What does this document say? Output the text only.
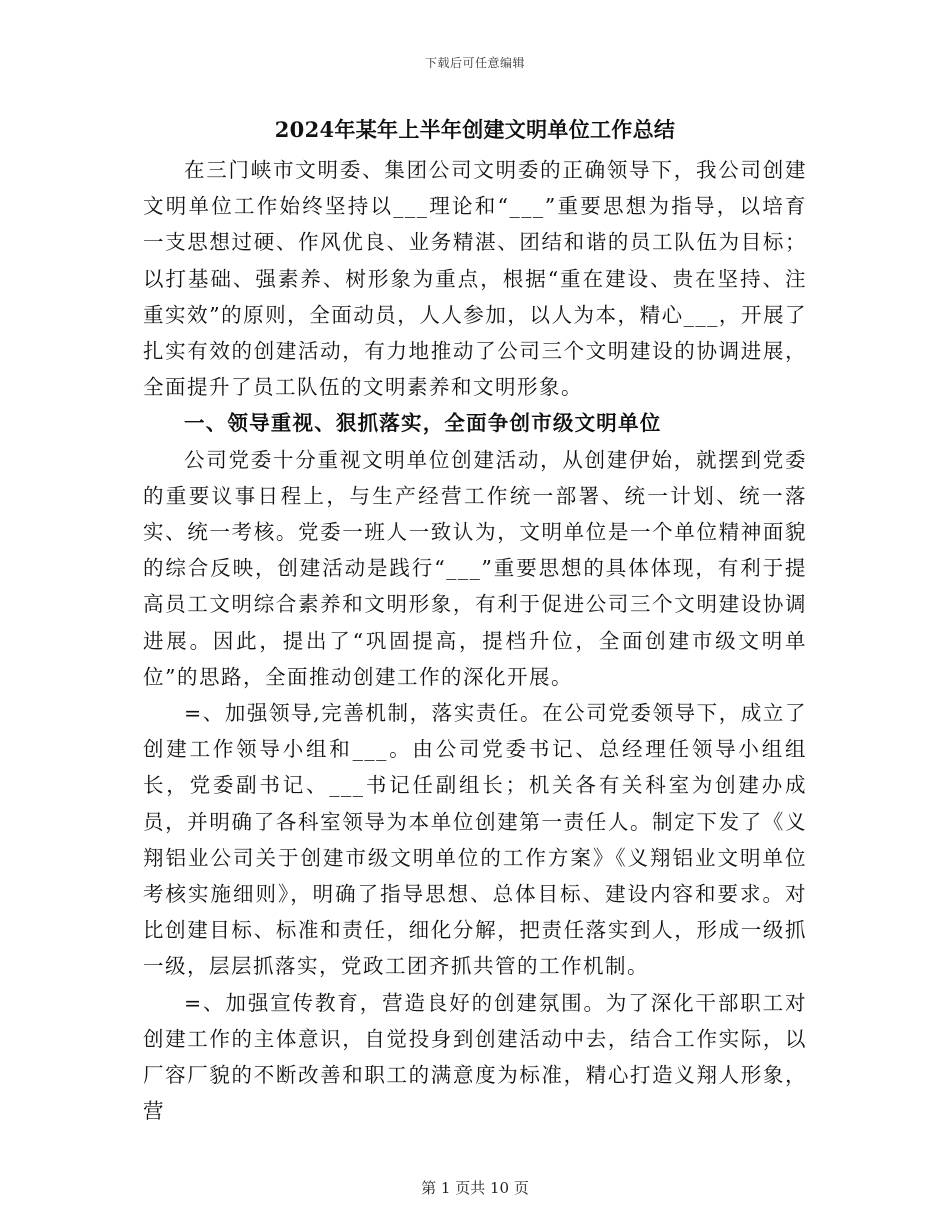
下载后可任意编辑
2024年某年上半年创建文明单位工作总结

在三门峡市文明委、集团公司文明委的正确领导下，我公司创建文明单位工作始终坚持以___理论和“___”重要思想为指导，以培育一支思想过硬、作风优良、业务精湛、团结和谐的员工队伍为目标；以打基础、强素养、树形象为重点，根据“重在建设、贵在坚持、注重实效”的原则，全面动员，人人参加，以人为本，精心___，开展了扎实有效的创建活动，有力地推动了公司三个文明建设的协调进展，全面提升了员工队伍的文明素养和文明形象。

一、领导重视、狠抓落实，全面争创市级文明单位

公司党委十分重视文明单位创建活动，从创建伊始，就摆到党委的重要议事日程上，与生产经营工作统一部署、统一计划、统一落实、统一考核。党委一班人一致认为，文明单位是一个单位精神面貌的综合反映，创建活动是践行“___”重要思想的具体体现，有利于提高员工文明综合素养和文明形象，有利于促进公司三个文明建设协调进展。因此，提出了“巩固提高，提档升位，全面创建市级文明单位”的思路，全面推动创建工作的深化开展。

=、加强领导,完善机制，落实责任。在公司党委领导下，成立了创建工作领导小组和___。由公司党委书记、总经理任领导小组组长，党委副书记、___书记任副组长；机关各有关科室为创建办成员，并明确了各科室领导为本单位创建第一责任人。制定下发了《义翔铝业公司关于创建市级文明单位的工作方案》《义翔铝业文明单位考核实施细则》，明确了指导思想、总体目标、建设内容和要求。对比创建目标、标准和责任，细化分解，把责任落实到人，形成一级抓一级，层层抓落实，党政工团齐抓共管的工作机制。

=、加强宣传教育，营造良好的创建氛围。为了深化干部职工对创建工作的主体意识，自觉投身到创建活动中去，结合工作实际，以厂容厂貌的不断改善和职工的满意度为标准，精心打造义翔人形象，营

第 1 页共 10 页
